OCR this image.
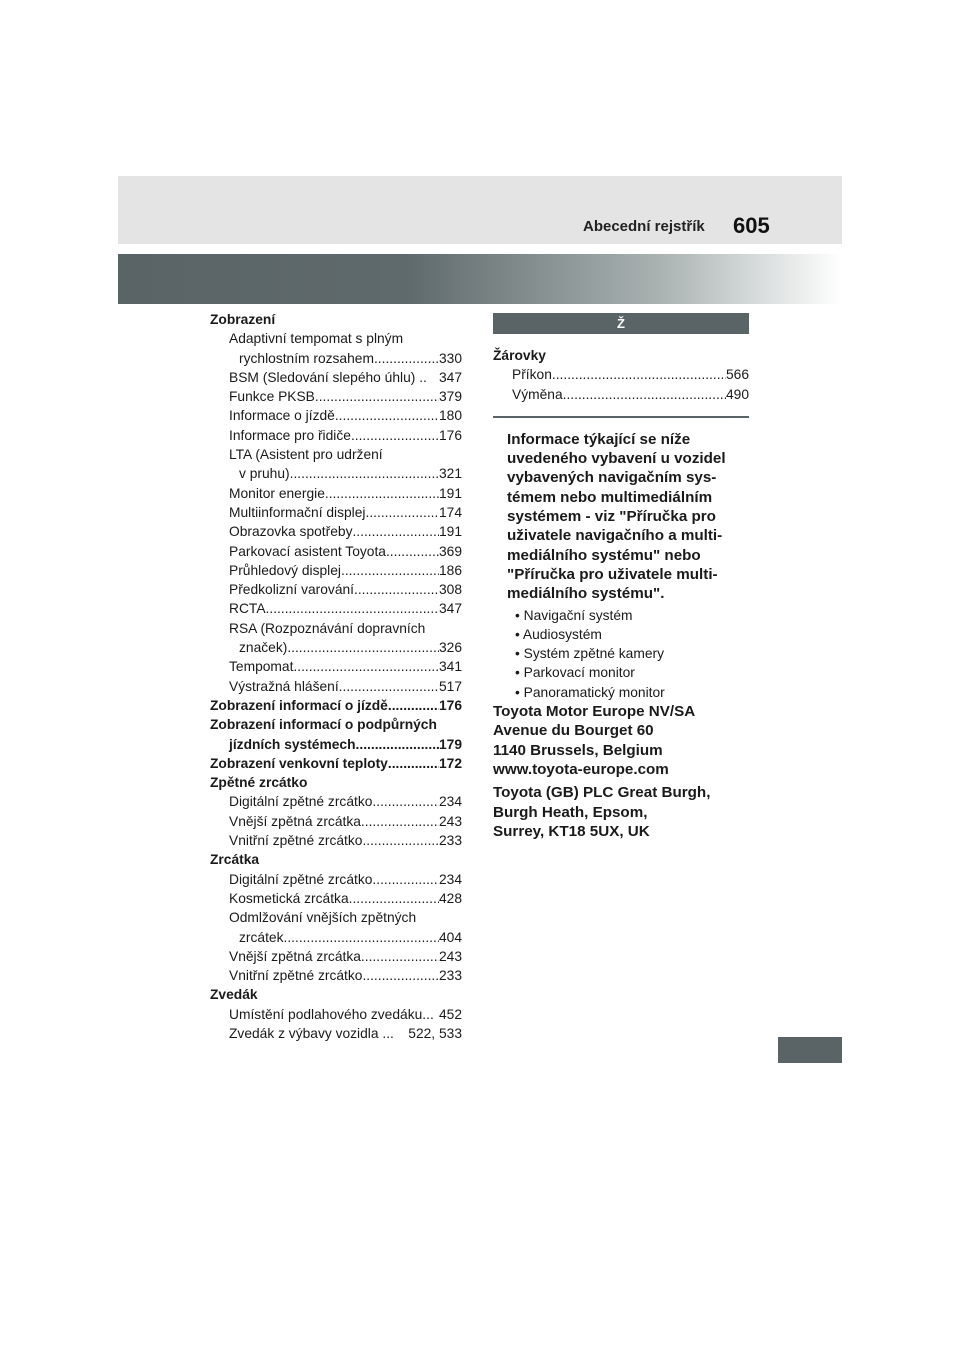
Abecední rejstřík 605
Zobrazení
Adaptivní tempomat s plným
rychlostním rozsahem .....	330
BSM (Sledování slepého úhlu) .. 347
Funkce PKSB .....	379
Informace o jízdě .....	180
Informace pro řidiče .....	176
LTA (Asistent pro udržení
v pruhu) .....	321
Monitor energie .....	191
Multiinformační displej .....	174
Obrazovka spotřeby .....	191
Parkovací asistent Toyota .....	369
Průhledový displej .....	186
Předkolizní varování .....	308
RCTA .....	347
RSA (Rozpoznávání dopravních
značek) .....	326
Tempomat .....	341
Výstražná hlášení .....	517
Zobrazení informací o jízdě .....	176
Zobrazení informací o podpůrných
jízdních systémech .....	179
Zobrazení venkovní teploty .....	172
Zpětné zrcátko
Digitální zpětné zrcátko .....	234
Vnější zpětná zrcátka .....	243
Vnitřní zpětné zrcátko .....	233
Zrcátka
Digitální zpětné zrcátko .....	234
Kosmetická zrcátka .....	428
Odmlžování vnějších zpětných
zrcátek .....	404
Vnější zpětná zrcátka .....	243
Vnitřní zpětné zrcátko .....	233
Zvedák
Umístění podlahového zvedáku... 452
Zvedák z výbavy vozidla ... 522, 533
Ž
Žárovky
Příkon .....	566
Výměna .....	490
Informace týkající se níže uvedeného vybavení u vozidel vybavených navigačním sys-témem nebo multimediálním systémem - viz "Příručka pro uživatele navigačního a multi-mediálního systému" nebo "Příručka pro uživatele multi-mediálního systému".
• Navigační systém
• Audiosystém
• Systém zpětné kamery
• Parkovací monitor
• Panoramatický monitor

Toyota Motor Europe NV/SA

Avenue du Bourget 60

1140 Brussels, Belgium

www.toyota-europe.com

Toyota (GB) PLC Great Burgh,

Burgh Heath, Epsom,

Surrey, KT18 5UX, UK
